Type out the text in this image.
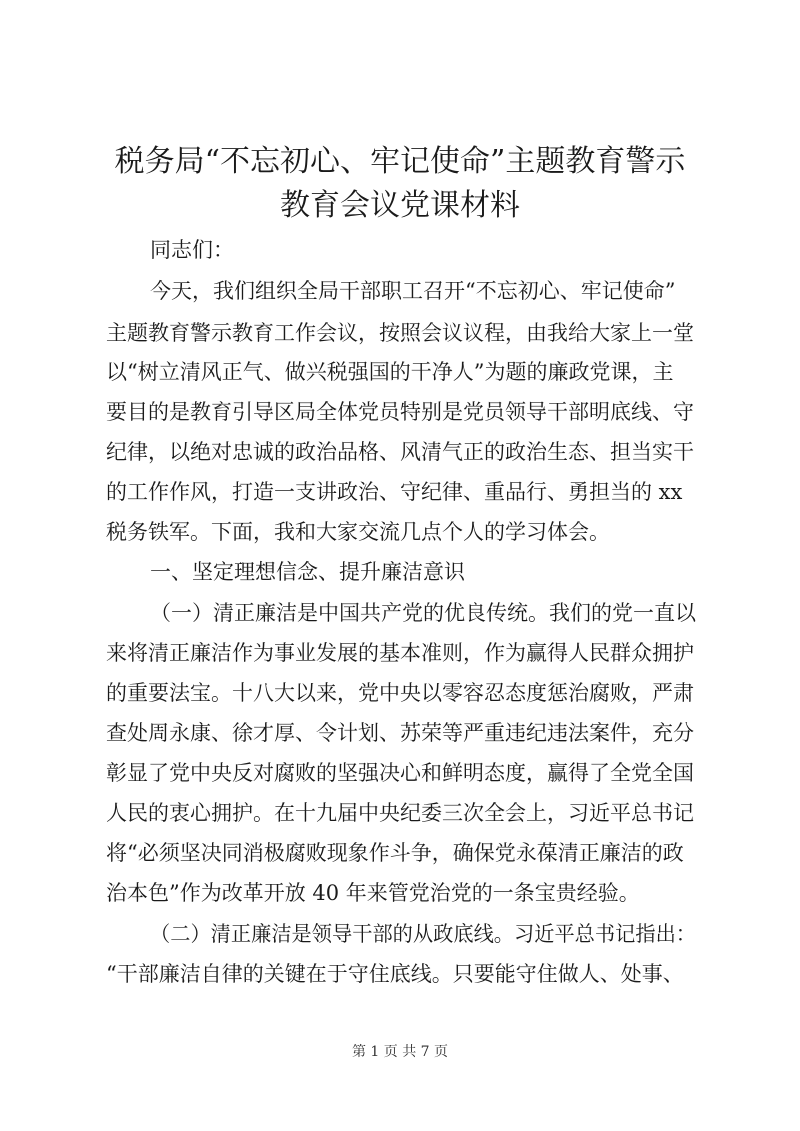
税务局“不忘初心、牢记使命”主题教育警示
教育会议党课材料

同志们：

今天，我们组织全局干部职工召开“不忘初心、牢记使命”

主题教育警示教育工作会议，按照会议议程，由我给大家上一堂

以“树立清风正气、做兴税强国的干净人”为题的廉政党课，主

要目的是教育引导区局全体党员特别是党员领导干部明底线、守

纪律，以绝对忠诚的政治品格、风清气正的政治生态、担当实干

的工作作风，打造一支讲政治、守纪律、重品行、勇担当的 xx

税务铁军。下面，我和大家交流几点个人的学习体会。

一、坚定理想信念、提升廉洁意识

（一）清正廉洁是中国共产党的优良传统。我们的党一直以

来将清正廉洁作为事业发展的基本准则，作为赢得人民群众拥护

的重要法宝。十八大以来，党中央以零容忍态度惩治腐败，严肃

查处周永康、徐才厚、令计划、苏荣等严重违纪违法案件，充分

彰显了党中央反对腐败的坚强决心和鲜明态度，赢得了全党全国

人民的衷心拥护。在十九届中央纪委三次全会上，习近平总书记

将“必须坚决同消极腐败现象作斗争，确保党永葆清正廉洁的政

治本色”作为改革开放 40 年来管党治党的一条宝贵经验。

（二）清正廉洁是领导干部的从政底线。习近平总书记指出：

“干部廉洁自律的关键在于守住底线。只要能守住做人、处事、

第 1 页 共 7 页
